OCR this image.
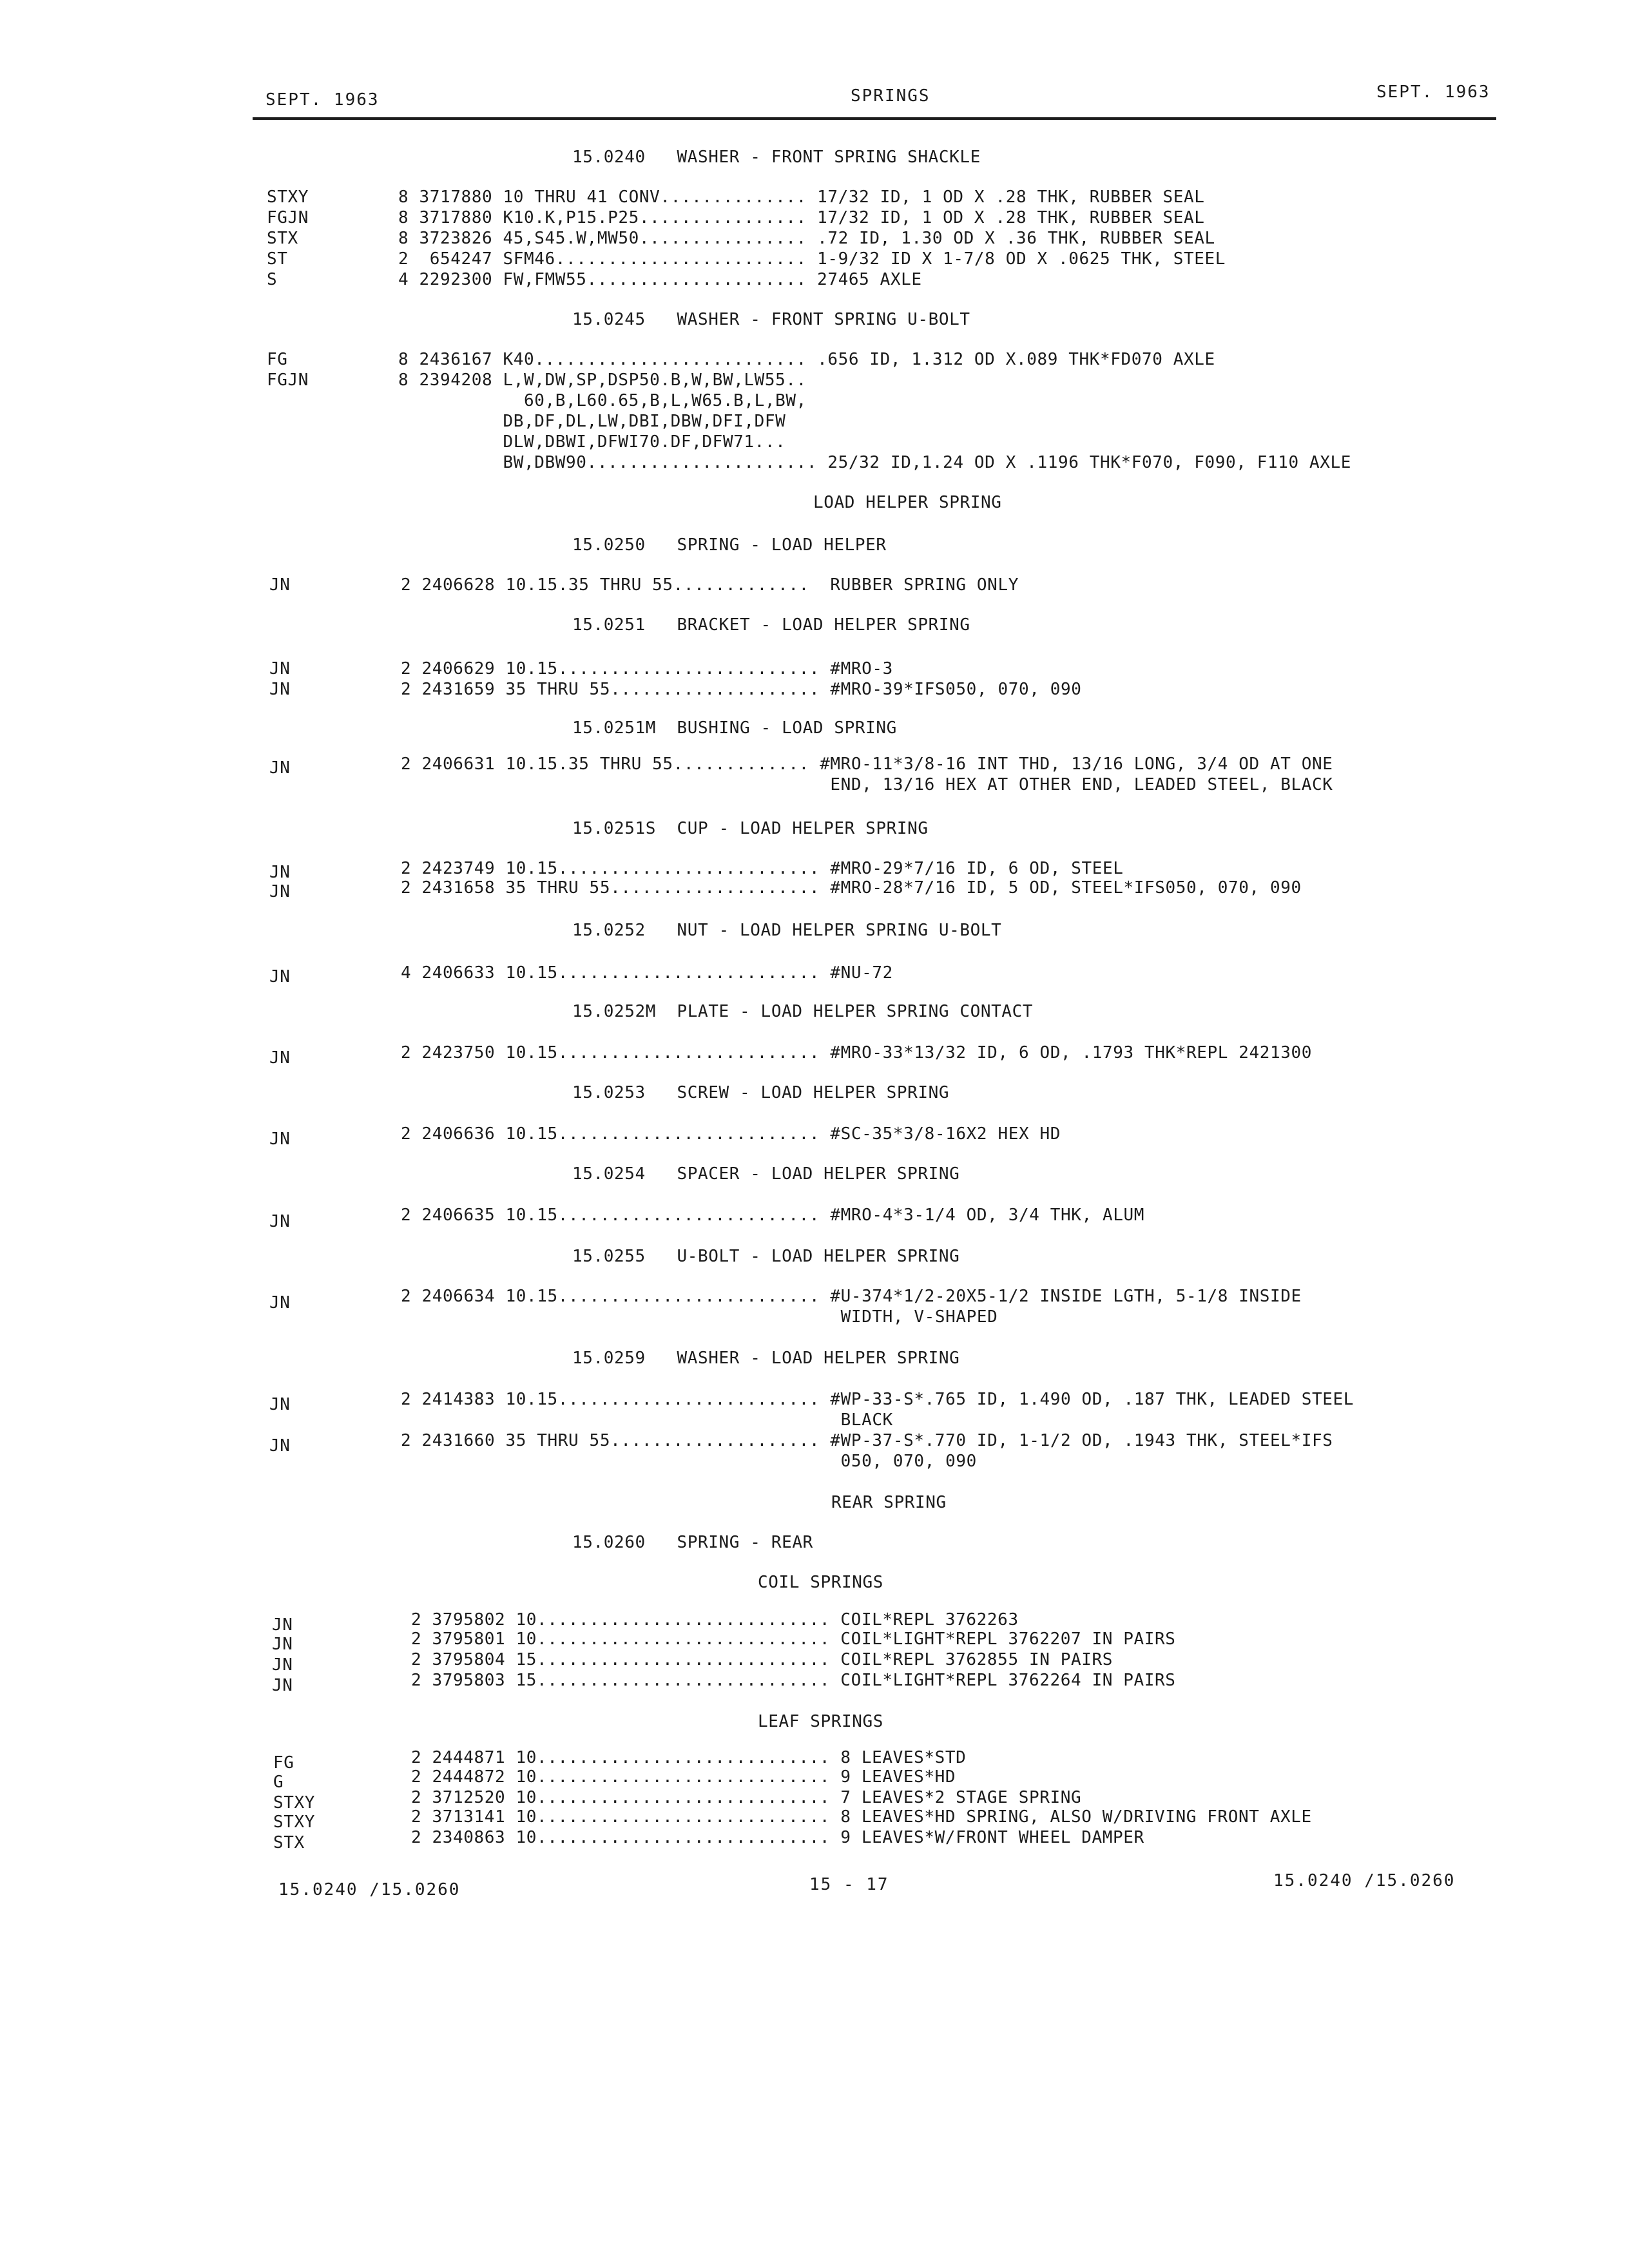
SEPT. 1963	SPRINGS	SEPT. 1963
15.0240   WASHER - FRONT SPRING SHACKLE
STXY	8 3717880 10 THRU 41 CONV.............. 17/32 ID, 1 OD X .28 THK, RUBBER SEAL
FGJN	8 3717880 K10.K,P15.P25................ 17/32 ID, 1 OD X .28 THK, RUBBER SEAL
STX	8 3723826 45,S45.W,MW50................ .72 ID, 1.30 OD X .36 THK, RUBBER SEAL
ST	2  654247 SFM46........................ 1-9/32 ID X 1-7/8 OD X .0625 THK, STEEL
S	4 2292300 FW,FMW55..................... 27465 AXLE
15.0245   WASHER - FRONT SPRING U-BOLT
FG	8 2436167 K40.......................... .656 ID, 1.312 OD X.089 THK*FD070 AXLE
FGJN	8 2394208 L,W,DW,SP,DSP50.B,W,BW,LW55..
60,B,L60.65,B,L,W65.B,L,BW,
DB,DF,DL,LW,DBI,DBW,DFI,DFW
DLW,DBWI,DFWI70.DF,DFW71...
BW,DBW90...................... 25/32 ID,1.24 OD X .1196 THK*F070, F090, F110 AXLE
LOAD HELPER SPRING
15.0250   SPRING - LOAD HELPER
JN	2 2406628 10.15.35 THRU 55.............  RUBBER SPRING ONLY
15.0251   BRACKET - LOAD HELPER SPRING
JN	2 2406629 10.15......................... #MRO-3
JN	2 2431659 35 THRU 55.................... #MRO-39*IFS050, 070, 090
15.0251M  BUSHING - LOAD SPRING
JN	2 2406631 10.15.35 THRU 55............. #MRO-11*3/8-16 INT THD, 13/16 LONG, 3/4 OD AT ONE
END, 13/16 HEX AT OTHER END, LEADED STEEL, BLACK
15.0251S  CUP - LOAD HELPER SPRING
JN	2 2423749 10.15......................... #MRO-29*7/16 ID, 6 OD, STEEL
JN	2 2431658 35 THRU 55.................... #MRO-28*7/16 ID, 5 OD, STEEL*IFS050, 070, 090
15.0252   NUT - LOAD HELPER SPRING U-BOLT
JN	4 2406633 10.15......................... #NU-72
15.0252M  PLATE - LOAD HELPER SPRING CONTACT
JN	2 2423750 10.15......................... #MRO-33*13/32 ID, 6 OD, .1793 THK*REPL 2421300
15.0253   SCREW - LOAD HELPER SPRING
JN	2 2406636 10.15......................... #SC-35*3/8-16X2 HEX HD
15.0254   SPACER - LOAD HELPER SPRING
JN	2 2406635 10.15......................... #MRO-4*3-1/4 OD, 3/4 THK, ALUM
15.0255   U-BOLT - LOAD HELPER SPRING
JN	2 2406634 10.15......................... #U-374*1/2-20X5-1/2 INSIDE LGTH, 5-1/8 INSIDE
WIDTH, V-SHAPED
15.0259   WASHER - LOAD HELPER SPRING
JN	2 2414383 10.15......................... #WP-33-S*.765 ID, 1.490 OD, .187 THK, LEADED STEEL
BLACK
JN	2 2431660 35 THRU 55.................... #WP-37-S*.770 ID, 1-1/2 OD, .1943 THK, STEEL*IFS
050, 070, 090
REAR SPRING
15.0260   SPRING - REAR
COIL SPRINGS
JN	2 3795802 10............................ COIL*REPL 3762263
JN	2 3795801 10............................ COIL*LIGHT*REPL 3762207 IN PAIRS
JN	2 3795804 15............................ COIL*REPL 3762855 IN PAIRS
JN	2 3795803 15............................ COIL*LIGHT*REPL 3762264 IN PAIRS
LEAF SPRINGS
FG	2 2444871 10............................ 8 LEAVES*STD
G	2 2444872 10............................ 9 LEAVES*HD
STXY	2 3712520 10............................ 7 LEAVES*2 STAGE SPRING
STXY	2 3713141 10............................ 8 LEAVES*HD SPRING, ALSO W/DRIVING FRONT AXLE
STX	2 2340863 10............................ 9 LEAVES*W/FRONT WHEEL DAMPER
15.0240 /15.0260	15 - 17	15.0240 /15.0260
